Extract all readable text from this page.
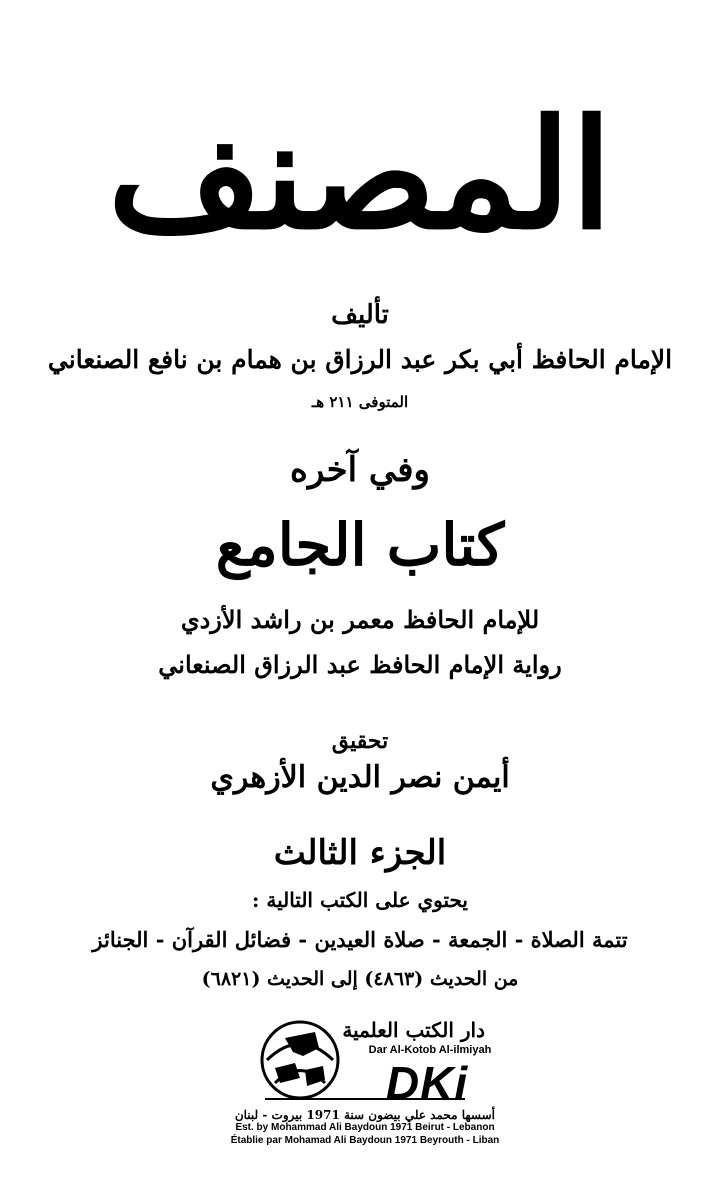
المصنف
تأليف
الإمام الحافظ أبي بكر عبد الرزاق بن همام بن نافع الصنعاني
المتوفى ٢١١ هـ
وفي آخره
كتاب الجامع
للإمام الحافظ معمر بن راشد الأزدي
رواية الإمام الحافظ عبد الرزاق الصنعاني
تحقيق
أيمن نصر الدين الأزهري
الجزء الثالث
يحتوي على الكتب التالية :
تتمة الصلاة - الجمعة - صلاة العيدين - فضائل القرآن - الجنائز
من الحديث (٤٨٦٣) إلى الحديث (٦٨٢١)
دار الكتب العلمية
Dar Al-Kotob Al-ilmiyah
DKi
أسسها محمد علي بيضون سنة 1971 بيروت - لبنان
Est. by Mohammad Ali Baydoun 1971 Beirut - Lebanon
Établie par Mohamad Ali Baydoun 1971 Beyrouth - Liban
